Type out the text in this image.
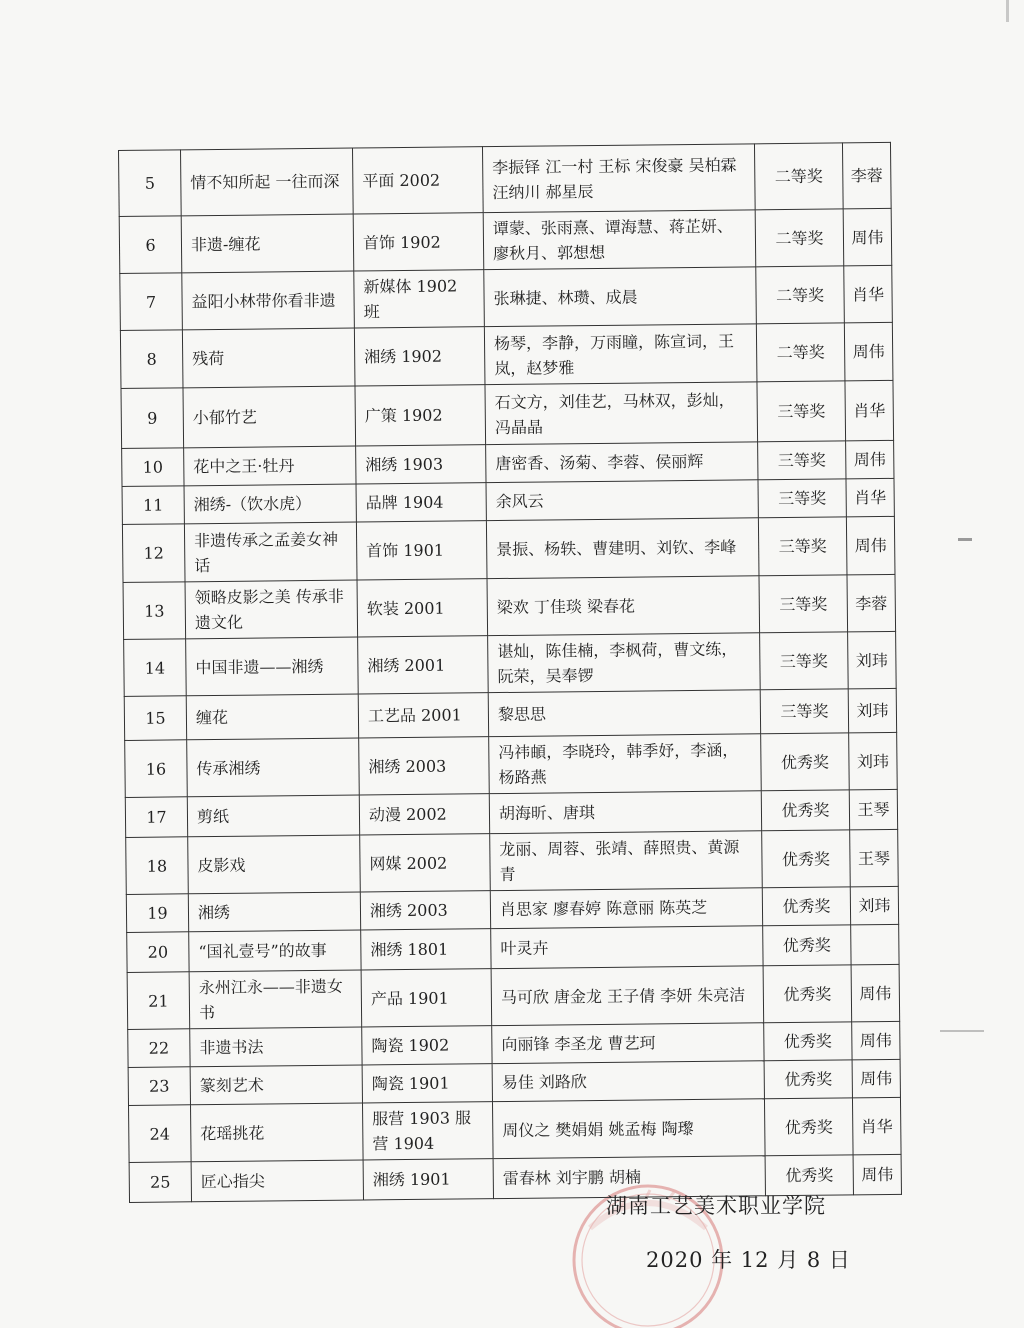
5	情不知所起 一往而深	平面 2002	李振铎 江一村 王标 宋俊豪 吴柏霖 汪纳川 郝星辰	二等奖	李蓉
6	非遗-缠花	首饰 1902	谭蒙、张雨熹、谭海慧、蒋芷妍、廖秋月、郭想想	二等奖	周伟
7	益阳小林带你看非遗	新媒体 1902 班	张琳捷、林瓒、成晨	二等奖	肖华
8	残荷	湘绣 1902	杨琴，李静，万雨瞳，陈宣词，王岚，赵梦雅	二等奖	周伟
9	小郁竹艺	广策 1902	石文方，刘佳艺，马林双，彭灿，冯晶晶	三等奖	肖华
10	花中之王·牡丹	湘绣 1903	唐密香、汤菊、李蓉、侯丽辉	三等奖	周伟
11	湘绣-（饮水虎）	品牌 1904	余风云	三等奖	肖华
12	非遗传承之孟姜女神话	首饰 1901	景振、杨轶、曹建明、刘钦、李峰	三等奖	周伟
13	领略皮影之美 传承非遗文化	软装 2001	梁欢 丁佳琰 梁春花	三等奖	李蓉
14	中国非遗——湘绣	湘绣 2001	谌灿，陈佳楠，李枫荷，曹文练，阮荣，吴奉锣	三等奖	刘玮
15	缠花	工艺品 2001	黎思思	三等奖	刘玮
16	传承湘绣	湘绣 2003	冯祎頔，李晓玲，韩季妤，李涵，杨路燕	优秀奖	刘玮
17	剪纸	动漫 2002	胡海昕、唐琪	优秀奖	王琴
18	皮影戏	网媒 2002	龙丽、周蓉、张靖、薛照贵、黄源青	优秀奖	王琴
19	湘绣	湘绣 2003	肖思家 廖春婷 陈意丽 陈英芝	优秀奖	刘玮
20	“国礼壹号”的故事	湘绣 1801	叶灵卉	优秀奖	
21	永州江永——非遗女书	产品 1901	马可欣 唐金龙 王子倩 李妍 朱亮洁	优秀奖	周伟
22	非遗书法	陶瓷 1902	向丽锋 李圣龙 曹艺珂	优秀奖	周伟
23	篆刻艺术	陶瓷 1901	易佳 刘路欣	优秀奖	周伟
24	花瑶挑花	服营 1903 服营 1904	周仪之 樊娟娟 姚孟梅 陶瓈	优秀奖	肖华
25	匠心指尖	湘绣 1901	雷春林 刘宇鹏 胡楠	优秀奖	周伟
湖南工艺美术职业学院
2020 年 12 月 8 日
